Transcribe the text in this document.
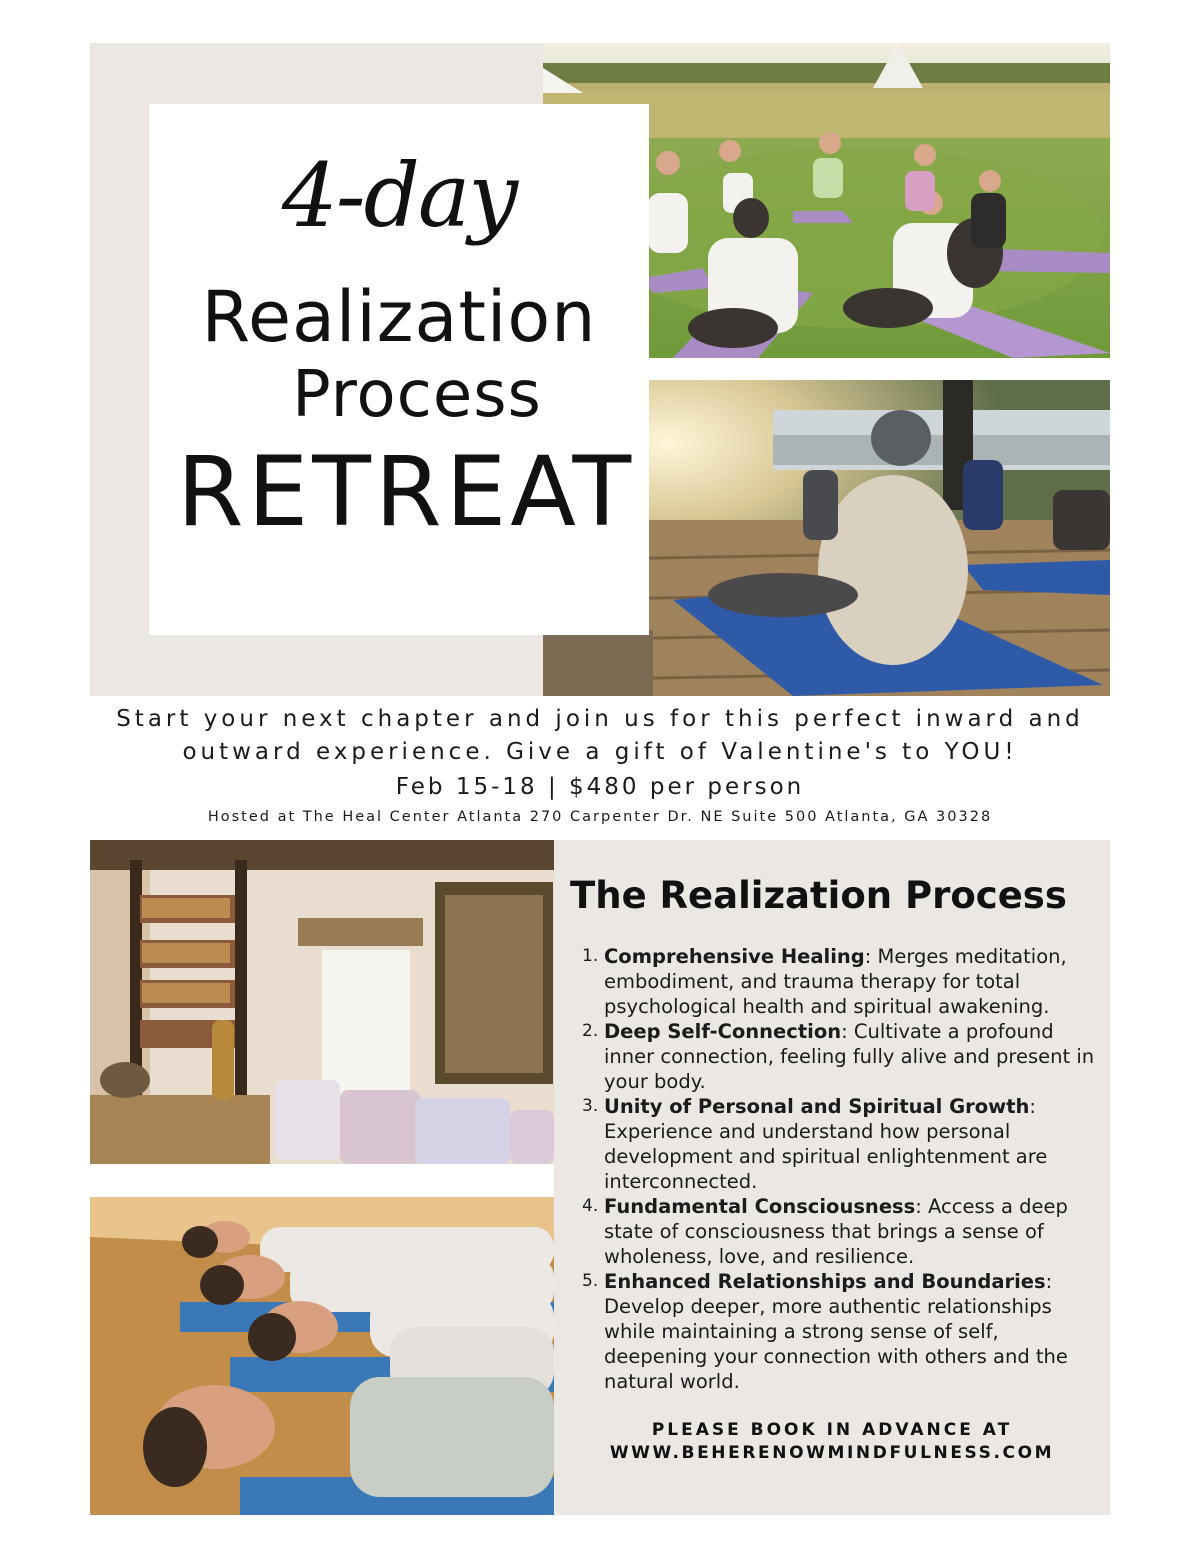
4-day
Realization
Process
RETREAT
Start your next chapter and join us for this perfect inward and
outward experience. Give a gift of Valentine's to YOU!
Feb 15-18 | $480 per person
Hosted at The Heal Center Atlanta 270 Carpenter Dr. NE Suite 500 Atlanta, GA 30328
The Realization Process
1. Comprehensive Healing: Merges meditation, embodiment, and trauma therapy for total psychological health and spiritual awakening.
2. Deep Self-Connection: Cultivate a profound inner connection, feeling fully alive and present in your body.
3. Unity of Personal and Spiritual Growth: Experience and understand how personal development and spiritual enlightenment are interconnected.
4. Fundamental Consciousness: Access a deep state of consciousness that brings a sense of wholeness, love, and resilience.
5. Enhanced Relationships and Boundaries: Develop deeper, more authentic relationships while maintaining a strong sense of self, deepening your connection with others and the natural world.
PLEASE BOOK IN ADVANCE AT
WWW.BEHERENOWMINDFULNESS.COM
